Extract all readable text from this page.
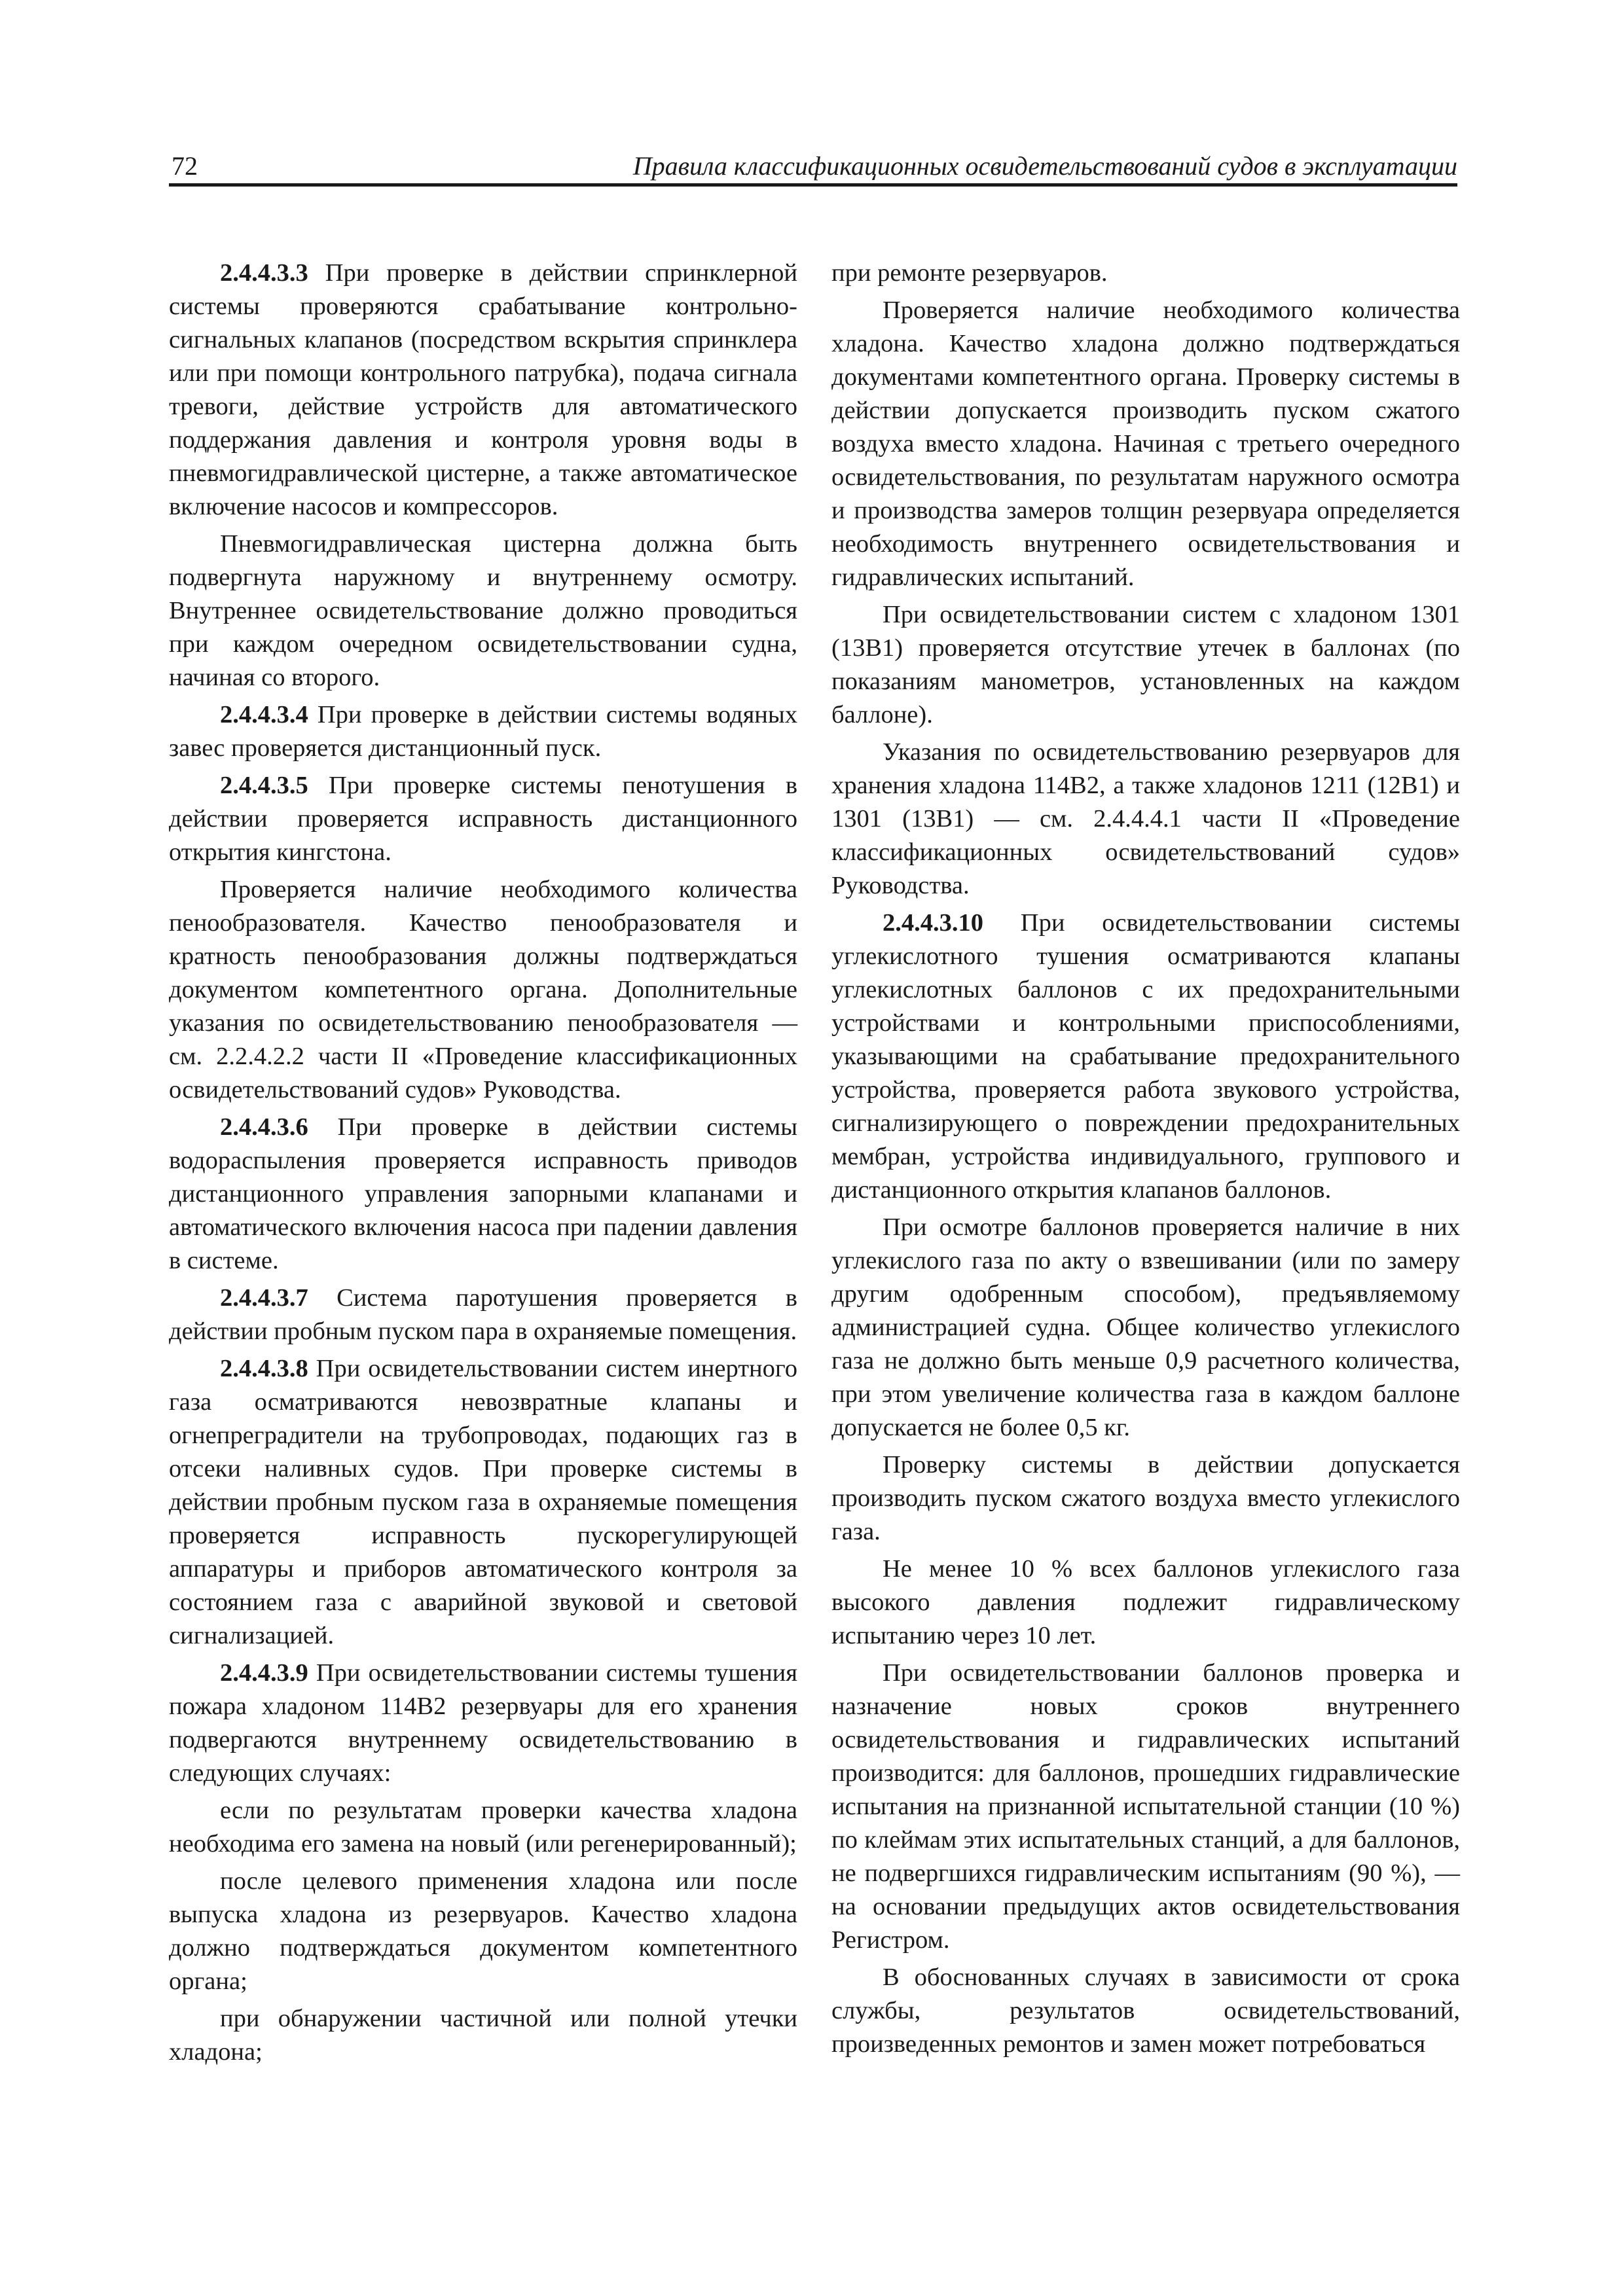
72	Правила классификационных освидетельствований судов в эксплуатации

2.4.4.3.3 При проверке в действии спринклерной системы проверяются срабатывание контрольно-сигнальных клапанов (посредством вскрытия спринклера или при помощи контрольного патрубка), подача сигнала тревоги, действие устройств для автоматического поддержания давления и контроля уровня воды в пневмогидравлической цистерне, а также автоматическое включение насосов и компрессоров.

Пневмогидравлическая цистерна должна быть подвергнута наружному и внутреннему осмотру. Внутреннее освидетельствование должно проводиться при каждом очередном освидетельствовании судна, начиная со второго.

2.4.4.3.4 При проверке в действии системы водяных завес проверяется дистанционный пуск.

2.4.4.3.5 При проверке системы пенотушения в действии проверяется исправность дистанционного открытия кингстона.

Проверяется наличие необходимого количества пенообразователя. Качество пенообразователя и кратность пенообразования должны подтверждаться документом компетентного органа. Дополнительные указания по освидетельствованию пенообразователя — см. 2.2.4.2.2 части II «Проведение классификационных освидетельствований судов» Руководства.

2.4.4.3.6 При проверке в действии системы водораспыления проверяется исправность приводов дистанционного управления запорными клапанами и автоматического включения насоса при падении давления в системе.

2.4.4.3.7 Система паротушения проверяется в действии пробным пуском пара в охраняемые помещения.

2.4.4.3.8 При освидетельствовании систем инертного газа осматриваются невозвратные клапаны и огнепреградители на трубопроводах, подающих газ в отсеки наливных судов. При проверке системы в действии пробным пуском газа в охраняемые помещения проверяется исправность пускорегулирующей аппаратуры и приборов автоматического контроля за состоянием газа с аварийной звуковой и световой сигнализацией.

2.4.4.3.9 При освидетельствовании системы тушения пожара хладоном 114В2 резервуары для его хранения подвергаются внутреннему освидетельствованию в следующих случаях:

если по результатам проверки качества хладона необходима его замена на новый (или регенерированный);

после целевого применения хладона или после выпуска хладона из резервуаров. Качество хладона должно подтверждаться документом компетентного органа;

при обнаружении частичной или полной утечки хладона;

при ремонте резервуаров.

Проверяется наличие необходимого количества хладона. Качество хладона должно подтверждаться документами компетентного органа. Проверку системы в действии допускается производить пуском сжатого воздуха вместо хладона. Начиная с третьего очередного освидетельствования, по результатам наружного осмотра и производства замеров толщин резервуара определяется необходимость внутреннего освидетельствования и гидравлических испытаний.

При освидетельствовании систем с хладоном 1301 (13В1) проверяется отсутствие утечек в баллонах (по показаниям манометров, установленных на каждом баллоне).

Указания по освидетельствованию резервуаров для хранения хладона 114В2, а также хладонов 1211 (12В1) и 1301 (13В1) — см. 2.4.4.4.1 части II «Проведение классификационных освидетельствований судов» Руководства.

2.4.4.3.10 При освидетельствовании системы углекислотного тушения осматриваются клапаны углекислотных баллонов с их предохранительными устройствами и контрольными приспособлениями, указывающими на срабатывание предохранительного устройства, проверяется работа звукового устройства, сигнализирующего о повреждении предохранительных мембран, устройства индивидуального, группового и дистанционного открытия клапанов баллонов.

При осмотре баллонов проверяется наличие в них углекислого газа по акту о взвешивании (или по замеру другим одобренным способом), предъявляемому администрацией судна. Общее количество углекислого газа не должно быть меньше 0,9 расчетного количества, при этом увеличение количества газа в каждом баллоне допускается не более 0,5 кг.

Проверку системы в действии допускается производить пуском сжатого воздуха вместо углекислого газа.

Не менее 10 % всех баллонов углекислого газа высокого давления подлежит гидравлическому испытанию через 10 лет.

При освидетельствовании баллонов проверка и назначение новых сроков внутреннего освидетельствования и гидравлических испытаний производится: для баллонов, прошедших гидравлические испытания на признанной испытательной станции (10 %) по клеймам этих испытательных станций, а для баллонов, не подвергшихся гидравлическим испытаниям (90 %), — на основании предыдущих актов освидетельствования Регистром.

В обоснованных случаях в зависимости от срока службы, результатов освидетельствований, произведенных ремонтов и замен может потребоваться
